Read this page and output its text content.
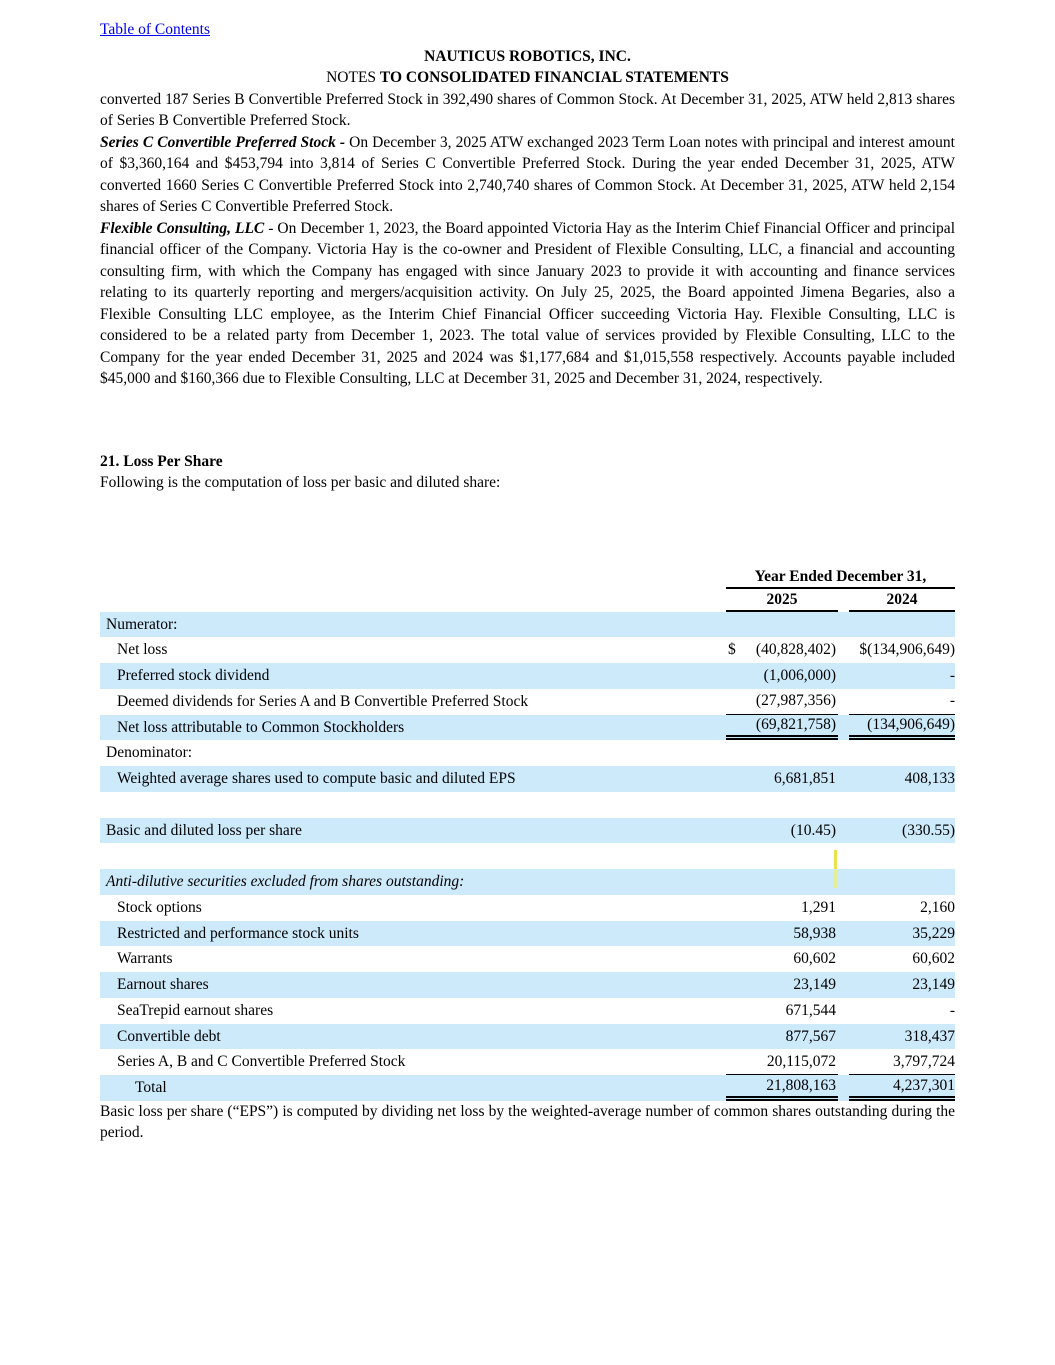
Table of Contents
NAUTICUS ROBOTICS, INC.
NOTES TO CONSOLIDATED FINANCIAL STATEMENTS

converted 187 Series B Convertible Preferred Stock in 392,490 shares of Common Stock. At December 31, 2025, ATW held 2,813 shares of Series B Convertible Preferred Stock.

Series C Convertible Preferred Stock - On December 3, 2025 ATW exchanged 2023 Term Loan notes with principal and interest amount of $3,360,164 and $453,794 into 3,814 of Series C Convertible Preferred Stock. During the year ended December 31, 2025, ATW converted 1660 Series C Convertible Preferred Stock into 2,740,740 shares of Common Stock. At December 31, 2025, ATW held 2,154 shares of Series C Convertible Preferred Stock.

Flexible Consulting, LLC - On December 1, 2023, the Board appointed Victoria Hay as the Interim Chief Financial Officer and principal financial officer of the Company. Victoria Hay is the co-owner and President of Flexible Consulting, LLC, a financial and accounting consulting firm, with which the Company has engaged with since January 2023 to provide it with accounting and finance services relating to its quarterly reporting and mergers/acquisition activity. On July 25, 2025, the Board appointed Jimena Begaries, also a Flexible Consulting LLC employee, as the Interim Chief Financial Officer succeeding Victoria Hay. Flexible Consulting, LLC is considered to be a related party from December 1, 2023. The total value of services provided by Flexible Consulting, LLC to the Company for the year ended December 31, 2025 and 2024 was $1,177,684 and $1,015,558 respectively. Accounts payable included $45,000 and $160,366 due to Flexible Consulting, LLC at December 31, 2025 and December 31, 2024, respectively.

21. Loss Per Share

Following is the computation of loss per basic and diluted share:

Year Ended December 31,
2025	2024
Numerator:
Net loss	$ (40,828,402)	$(134,906,649)
Preferred stock dividend	(1,006,000)	-
Deemed dividends for Series A and B Convertible Preferred Stock	(27,987,356)	-
Net loss attributable to Common Stockholders	(69,821,758)	(134,906,649)
Denominator:
Weighted average shares used to compute basic and diluted EPS	6,681,851	408,133
Basic and diluted loss per share	(10.45)	(330.55)
Anti-dilutive securities excluded from shares outstanding:
Stock options	1,291	2,160
Restricted and performance stock units	58,938	35,229
Warrants	60,602	60,602
Earnout shares	23,149	23,149
SeaTrepid earnout shares	671,544	-
Convertible debt	877,567	318,437
Series A, B and C Convertible Preferred Stock	20,115,072	3,797,724
Total	21,808,163	4,237,301

Basic loss per share (“EPS”) is computed by dividing net loss by the weighted-average number of common shares outstanding during the period.
